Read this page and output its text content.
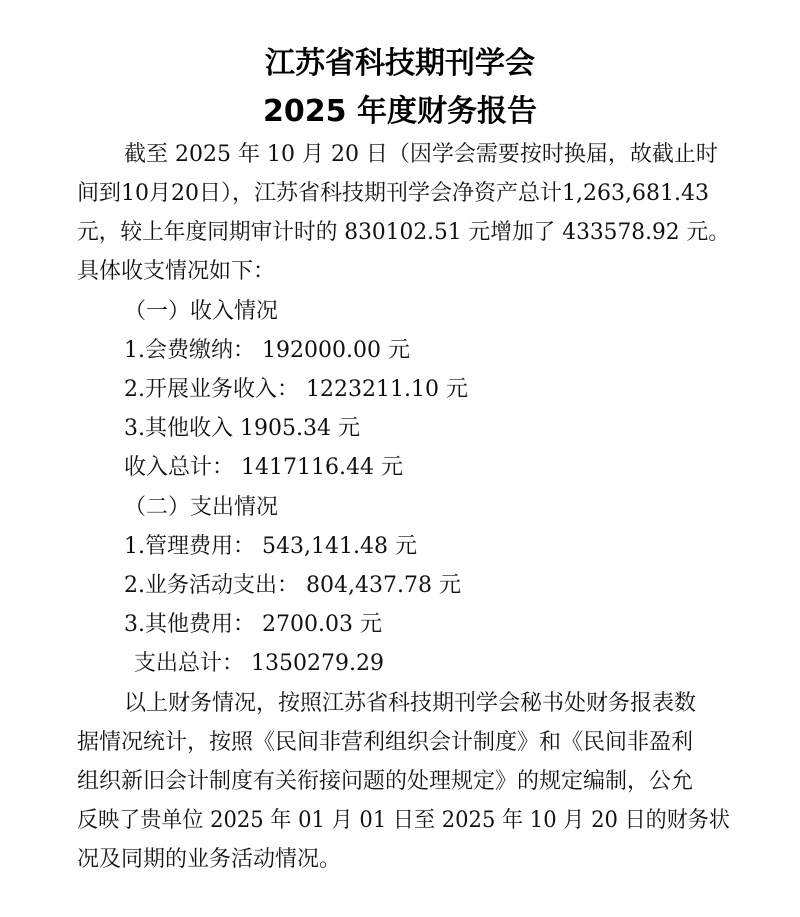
江苏省科技期刊学会
2025 年度财务报告
截至 2025 年 10 月 20 日（因学会需要按时换届，故截止时
间到10月20日），江苏省科技期刊学会净资产总计1,263,681.43
元，较上年度同期审计时的 830102.51 元增加了 433578.92 元。
具体收支情况如下：
（一）收入情况
1.会费缴纳： 192000.00 元
2.开展业务收入： 1223211.10 元
3.其他收入 1905.34 元
收入总计： 1417116.44 元
（二）支出情况
1.管理费用： 543,141.48 元
2.业务活动支出： 804,437.78 元
3.其他费用： 2700.03 元
支出总计： 1350279.29
以上财务情况，按照江苏省科技期刊学会秘书处财务报表数
据情况统计，按照《民间非营利组织会计制度》和《民间非盈利
组织新旧会计制度有关衔接问题的处理规定》的规定编制，公允
反映了贵单位 2025 年 01 月 01 日至 2025 年 10 月 20 日的财务状
况及同期的业务活动情况。
